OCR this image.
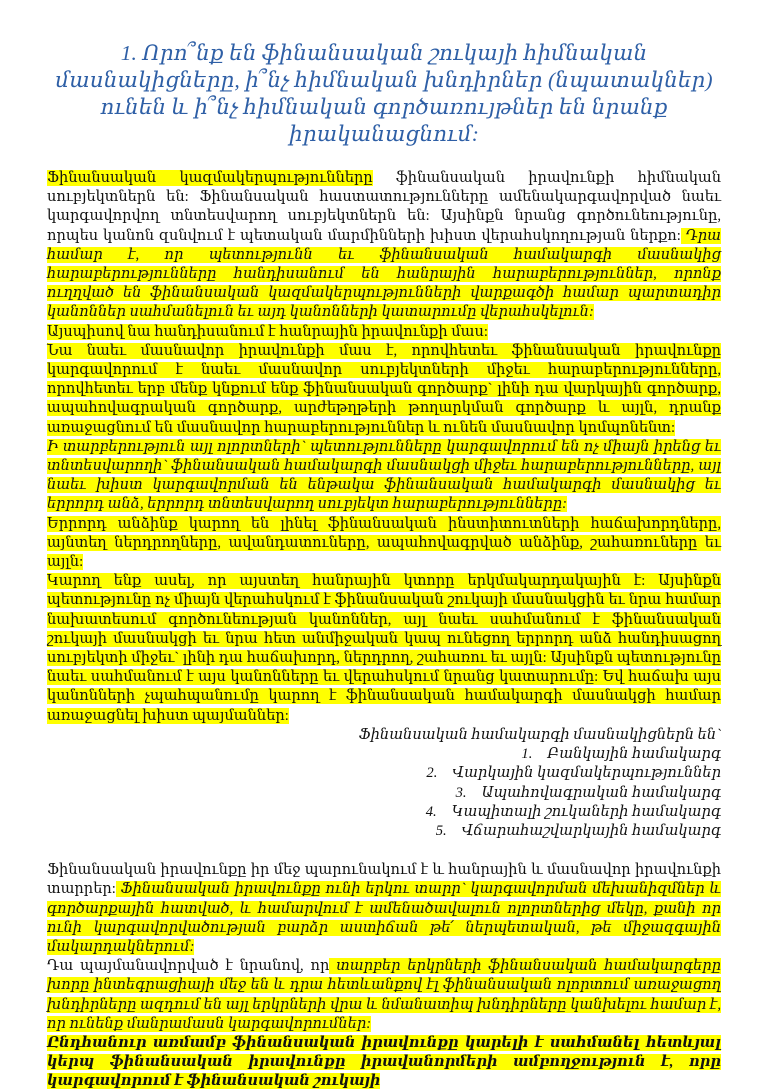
1. Որո՞նք են ֆինանսական շուկայի հիմնական մասնակիցները, ի՞նչ հիմնական խնդիրներ (նպատակներ) ունեն և ի՞նչ հիմնական գործառույթներ են նրանք իրականացնում:

Ֆինանսական կազմակերպությունները ֆինանսական իրավունքի հիմնական սուբյեկտներն են: Ֆինանսական հաստատությունները ամենակարգավորված նաեւ կարգավորվող տնտեսվարող սուբյեկտներն են: Այսինքն նրանց գործունեությունը, որպես կանոն զսնվում է պետական մարմինների խիստ վերահսկողության ներքո: Դրա համար է, որ պետությունն եւ ֆինանսական համակարգի մասնակից հարաբերությունները հանդիսանում են հանրային հարաբերություններ, որոնք ուղղված են ֆինանսական կազմակերպությունների վարքագծի համար պարտադիր կանոններ սահմանելուն եւ այդ կանոնների կատարումը վերահսկելուն:

Այսպիսով նա հանդիսանում է հանրային իրավունքի մաս:

Նա նաեւ մասնավոր իրավունքի մաս է, որովհետեւ ֆինանսական իրավունքը կարգավորում է նաեւ մասնավոր սուբյեկտների միջեւ հարաբերությունները, որովհետեւ երբ մենք կնքում ենք ֆինանսական գործարք` լինի դա վարկային գործարք, ապահովագրական գործարք, արժեթղթերի թողարկման գործարք և այլն, դրանք առաջացնում են մասնավոր հարաբերություններ և ունեն մասնավոր կոմպոնենտ:

Ի տարբերություն այլ ոլորտների` պետությունները կարգավորում են ոչ միայն իրենց եւ տնտեսվարողի` ֆինանսական համակարգի մասնակցի միջեւ հարաբերությունները, այլ նաեւ խիստ կարգավորման են ենթակա ֆինանսական համակարգի մասնակից եւ երրորդ անձ, երրորդ տնտեսվարող սուբյեկտ հարաբերությունները:

Երրորդ անձինք կարող են լինել ֆինանսական ինստիտուտների հաճախորդները, այնտեղ ներդրողները, ավանդատուները, ապահովագրված անձինք, շահառուները եւ այլն:

Կարող ենք ասել, որ այստեղ հանրային կտորը երկմակարդակային է: Այսինքն պետությունը ոչ միայն վերահսկում է ֆինանսական շուկայի մասնակցին եւ նրա համար նախատեսում գործունեության կանոններ, այլ նաեւ սահմանում է ֆինանսական շուկայի մասնակցի եւ նրա հետ անմիջական կապ ունեցող երրորդ անձ հանդիսացող սուբյեկտի միջեւ` լինի դա հաճախորդ, ներդրող, շահառու եւ այլն: Այսինքն պետությունը նաեւ սահմանում է այս կանոնները եւ վերահսկում նրանց կատարումը: Եվ հաճախ այս կանոնների չպահպանումը կարող է ֆինանսական համակարգի մասնակցի համար առաջացնել խիստ պայմաններ:

Ֆինանսական համակարգի մասնակիցներն են`
1. Բանկային համակարգ
2. Վարկային կազմակերպություններ
3. Ապահովագրական համակարգ
4. Կապիտալի շուկաների համակարգ
5. Վճարահաշվարկային համակարգ

Ֆինանսական իրավունքը իր մեջ պարունակում է և հանրային և մասնավոր իրավունքի տարրեր: Ֆինանսական իրավունքը ունի երկու տարր` կարգավորման մեխանիզմներ և գործարքային հատված, և համարվում է ամենածավալուն ոլորտներից մեկը, քանի որ ունի կարգավորվածության բարձր աստիճան թե՛ ներպետական, թե միջազգային մակարդակներում:

Դա պայմանավորված է նրանով, որ տարբեր երկրների ֆինանսական համակարգերը խորը ինտեգրացիայի մեջ են և դրա հետևանքով էլ ֆինանսական ոլորտում առաջացող խնդիրները ազդում են այլ երկրների վրա և նմանատիպ խնդիրները կանխելու համար է, որ ունենք մանրամասն կարգավորումներ:

Ընդհանուր առմամբ ֆինանսական իրավունքը կարելի է սահմանել հետևյալ կերպ ֆինանսական իրավունքը իրավանորմերի ամբողջություն է, որը կարգավորում է ֆինանսական շուկայի
